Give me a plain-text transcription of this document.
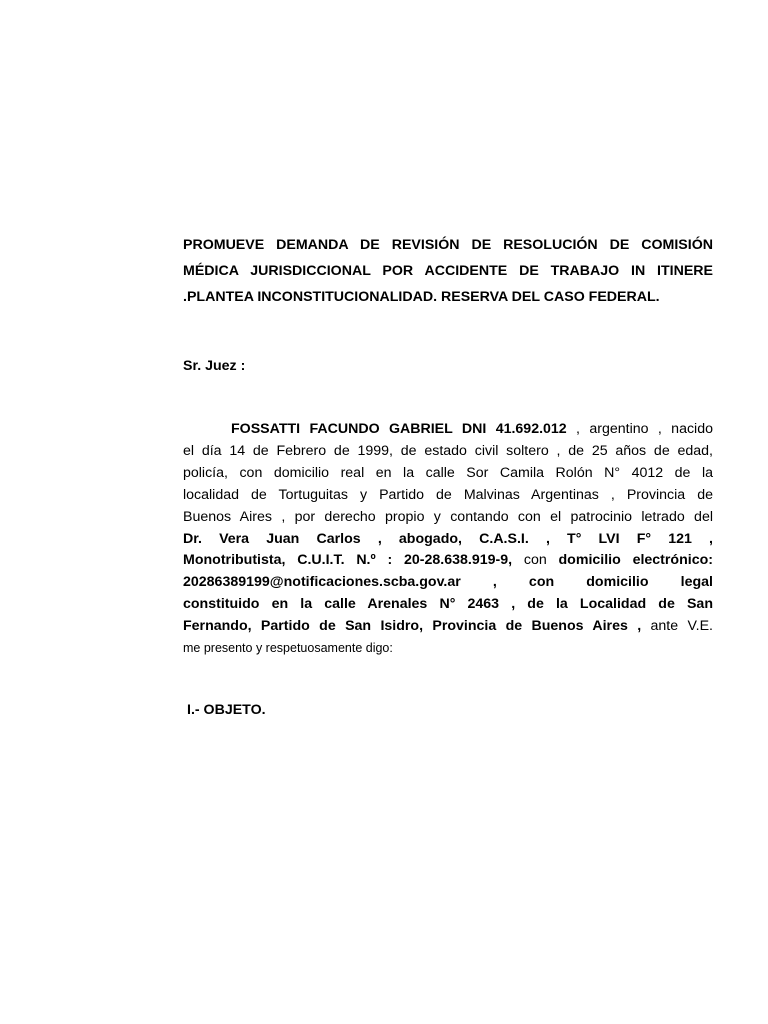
PROMUEVE DEMANDA DE REVISIÓN DE RESOLUCIÓN DE COMISIÓN
MÉDICA JURISDICCIONAL POR ACCIDENTE DE TRABAJO IN ITINERE
.PLANTEA INCONSTITUCIONALIDAD. RESERVA DEL CASO FEDERAL.
Sr. Juez :
FOSSATTI FACUNDO GABRIEL DNI 41.692.012 , argentino , nacido
el día 14 de Febrero de 1999, de estado civil soltero , de 25 años de edad,
policía, con domicilio real en la calle Sor Camila Rolón N° 4012 de la
localidad de Tortuguitas y Partido de Malvinas Argentinas , Provincia de
Buenos Aires , por derecho propio y contando con el patrocinio letrado del
Dr. Vera Juan Carlos , abogado, C.A.S.I. , T° LVI F° 121 ,
Monotributista, C.U.I.T. N.º : 20-28.638.919-9, con domicilio electrónico:
20286389199@notificaciones.scba.gov.ar , con domicilio legal
constituido en la calle Arenales N° 2463 , de la Localidad de San
Fernando, Partido de San Isidro, Provincia de Buenos Aires , ante V.E.
me presento y respetuosamente digo:
I.- OBJETO.
